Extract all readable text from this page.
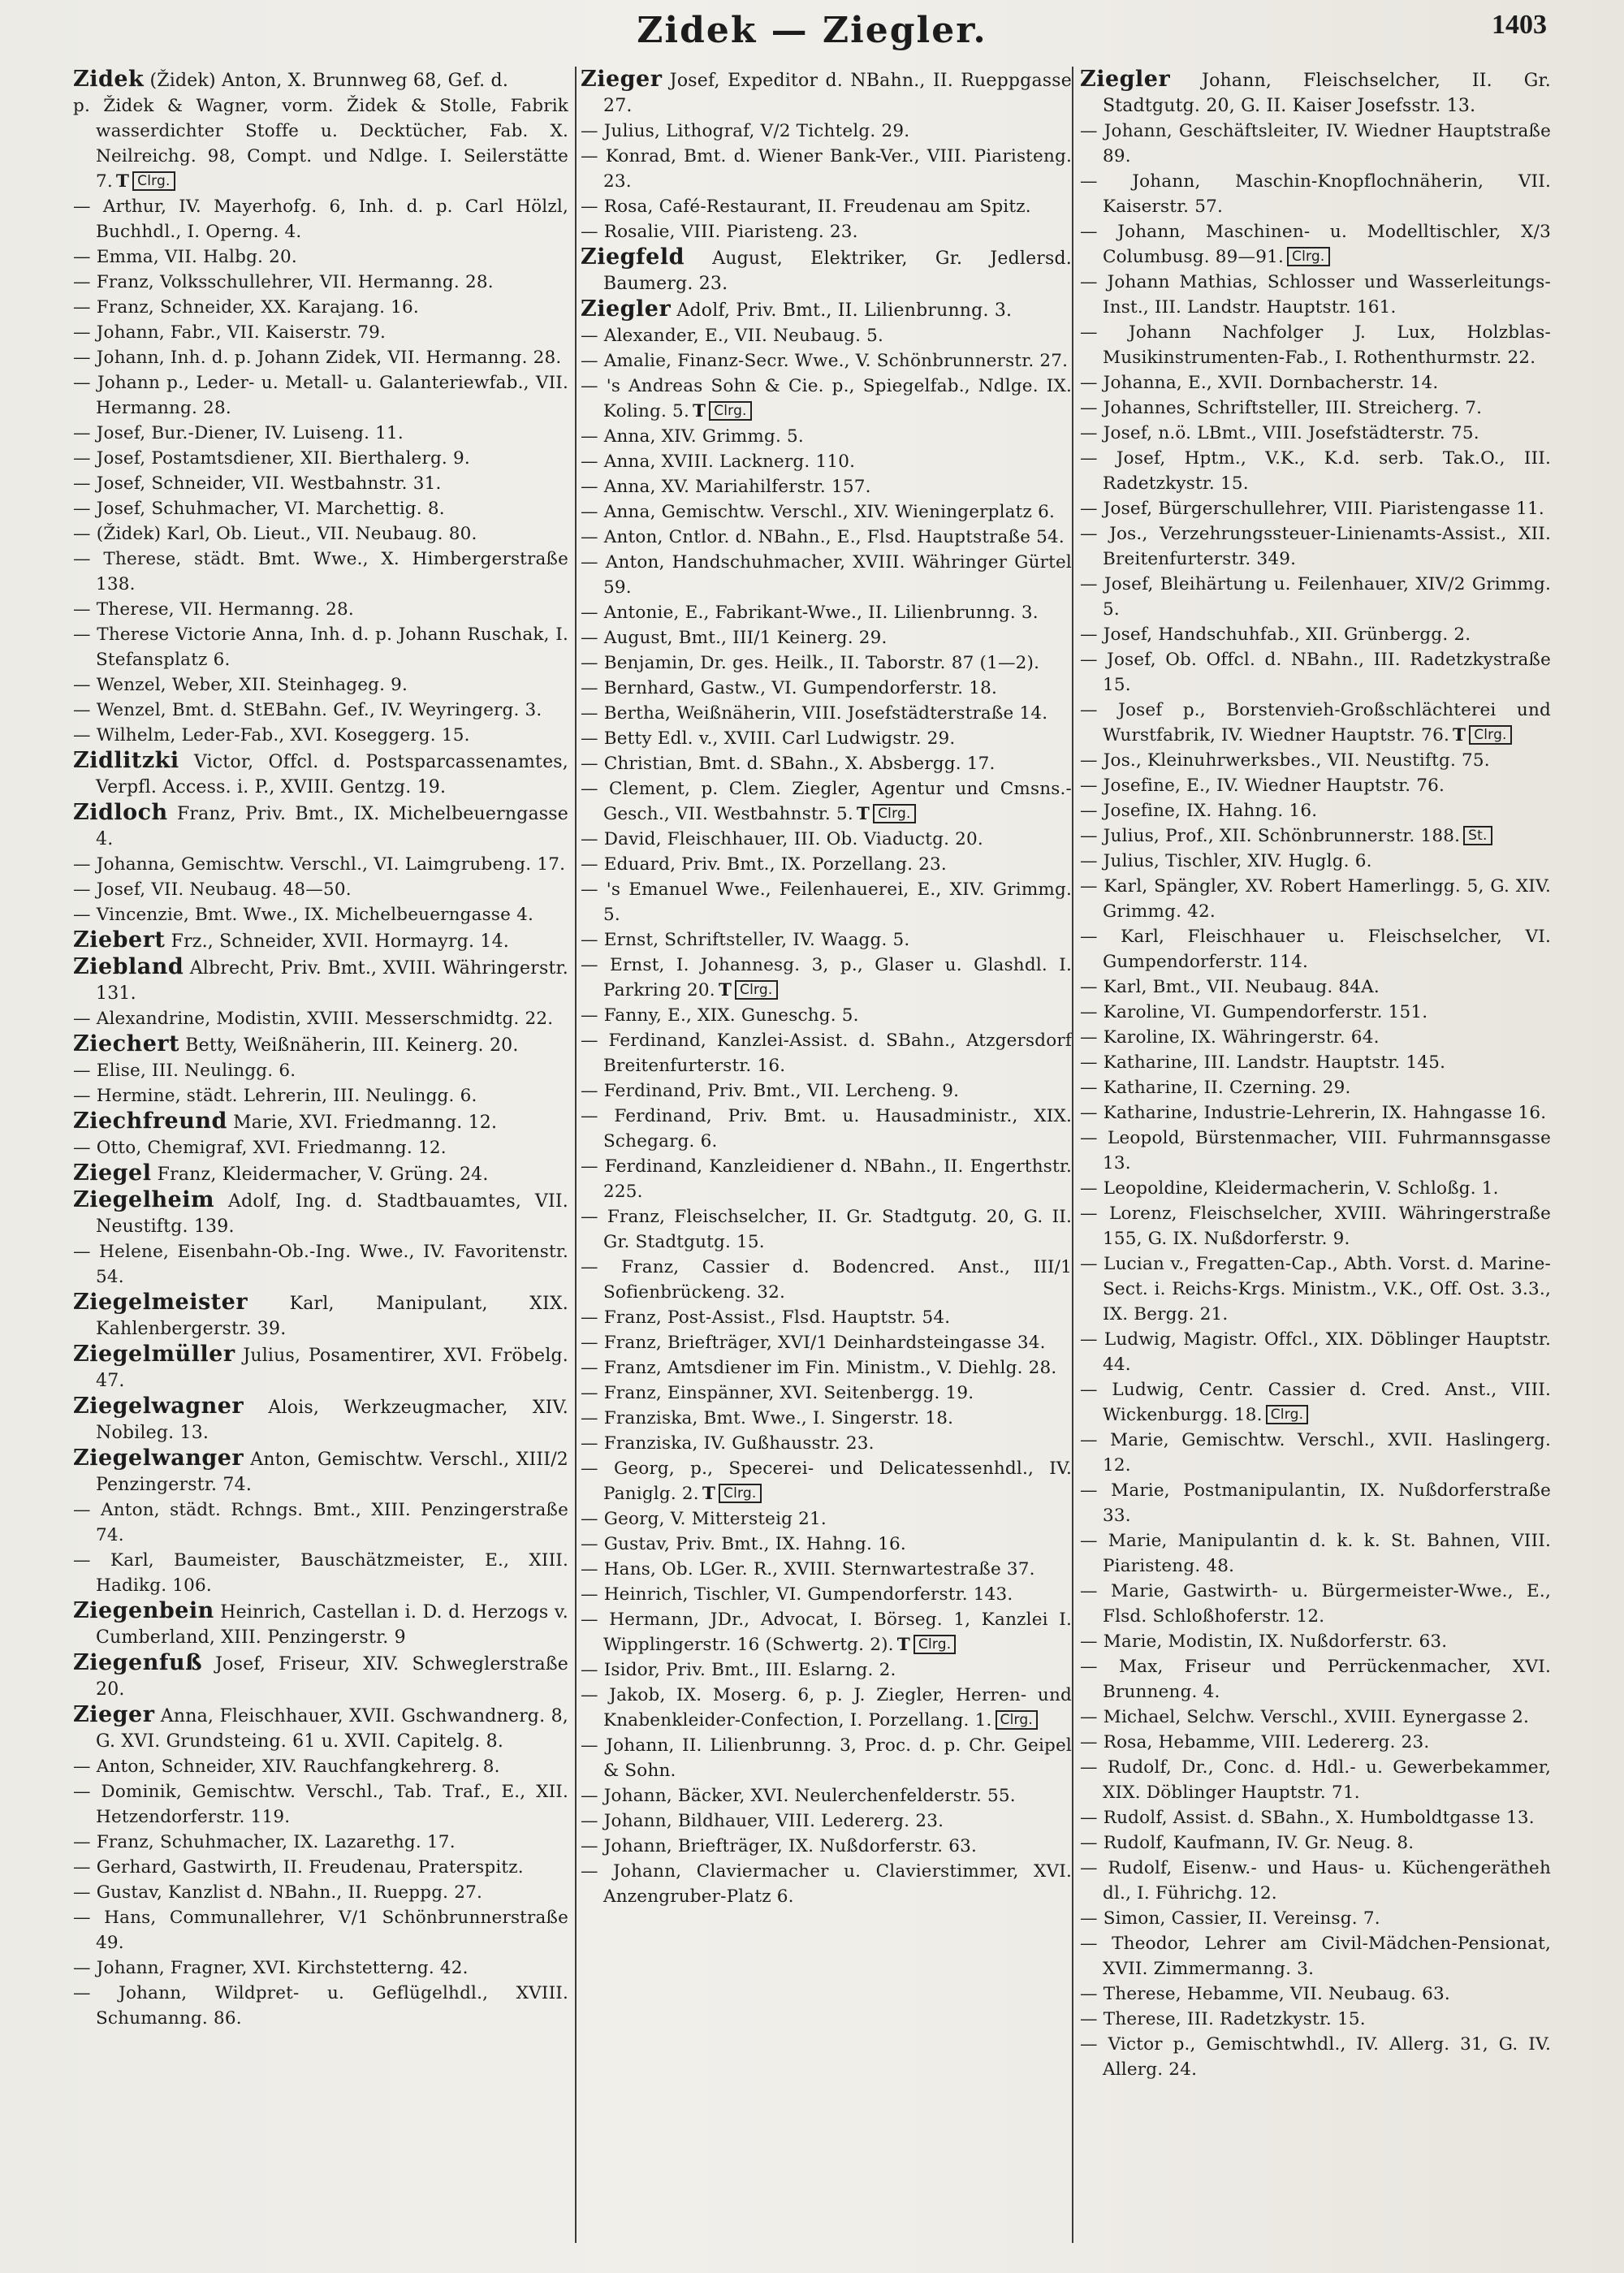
Zidek — Ziegler.	1403
Zidek (Židek) Anton, X. Brunnweg 68, Gef. d.
p. Židek & Wagner, vorm. Židek & Stolle, Fabrik wasserdichter Stoffe u. Decktücher, Fab. X. Neilreichg. 98, Compt. und Ndlge. I. Seilerstätte 7. T Clrg.
— Arthur, IV. Mayerhofg. 6, Inh. d. p. Carl Hölzl, Buchhdl., I. Operng. 4.
— Emma, VII. Halbg. 20.
— Franz, Volksschullehrer, VII. Hermanng. 28.
— Franz, Schneider, XX. Karajang. 16.
— Johann, Fabr., VII. Kaiserstr. 79.
— Johann, Inh. d. p. Johann Zidek, VII. Hermanng. 28.
— Johann p., Leder- u. Metall- u. Galanteriewfab., VII. Hermanng. 28.
— Josef, Bur.-Diener, IV. Luiseng. 11.
— Josef, Postamtsdiener, XII. Bierthalerg. 9.
— Josef, Schneider, VII. Westbahnstr. 31.
— Josef, Schuhmacher, VI. Marchettig. 8.
— (Židek) Karl, Ob. Lieut., VII. Neubaug. 80.
— Therese, städt. Bmt. Wwe., X. Himbergerstraße 138.
— Therese, VII. Hermanng. 28.
— Therese Victorie Anna, Inh. d. p. Johann Ruschak, I. Stefansplatz 6.
— Wenzel, Weber, XII. Steinhageg. 9.
— Wenzel, Bmt. d. StEBahn. Gef., IV. Weyringerg. 3.
— Wilhelm, Leder-Fab., XVI. Koseggerg. 15.
Zidlitzki Victor, Offcl. d. Postsparcassenamtes, Verpfl. Access. i. P., XVIII. Gentzg. 19.
Zidloch Franz, Priv. Bmt., IX. Michelbeuerngasse 4.
— Johanna, Gemischtw. Verschl., VI. Laimgrubeng. 17.
— Josef, VII. Neubaug. 48—50.
— Vincenzie, Bmt. Wwe., IX. Michelbeuerngasse 4.
Ziebert Frz., Schneider, XVII. Hormayrg. 14.
Ziebland Albrecht, Priv. Bmt., XVIII. Währingerstr. 131.
— Alexandrine, Modistin, XVIII. Messerschmidtg. 22.
Ziechert Betty, Weißnäherin, III. Keinerg. 20.
— Elise, III. Neulingg. 6.
— Hermine, städt. Lehrerin, III. Neulingg. 6.
Ziechfreund Marie, XVI. Friedmanng. 12.
— Otto, Chemigraf, XVI. Friedmanng. 12.
Ziegel Franz, Kleidermacher, V. Grüng. 24.
Ziegelheim Adolf, Ing. d. Stadtbauamtes, VII. Neustiftg. 139.
— Helene, Eisenbahn-Ob.-Ing. Wwe., IV. Favoritenstr. 54.
Ziegelmeister Karl, Manipulant, XIX. Kahlenbergerstr. 39.
Ziegelmüller Julius, Posamentirer, XVI. Fröbelg. 47.
Ziegelwagner Alois, Werkzeugmacher, XIV. Nobileg. 13.
Ziegelwanger Anton, Gemischtw. Verschl., XIII/2 Penzingerstr. 74.
— Anton, städt. Rchngs. Bmt., XIII. Penzingerstraße 74.
— Karl, Baumeister, Bauschätzmeister, E., XIII. Hadikg. 106.
Ziegenbein Heinrich, Castellan i. D. d. Herzogs v. Cumberland, XIII. Penzingerstr. 9
Ziegenfuß Josef, Friseur, XIV. Schweglerstraße 20.
Zieger Anna, Fleischhauer, XVII. Gschwandnerg. 8, G. XVI. Grundsteing. 61 u. XVII. Capitelg. 8.
— Anton, Schneider, XIV. Rauchfangkehrerg. 8.
— Dominik, Gemischtw. Verschl., Tab. Traf., E., XII. Hetzendorferstr. 119.
— Franz, Schuhmacher, IX. Lazarethg. 17.
— Gerhard, Gastwirth, II. Freudenau, Praterspitz.
— Gustav, Kanzlist d. NBahn., II. Rueppg. 27.
— Hans, Communallehrer, V/1 Schönbrunnerstraße 49.
— Johann, Fragner, XVI. Kirchstetterng. 42.
— Johann, Wildpret- u. Geflügelhdl., XVIII. Schumanng. 86.
Zieger Josef, Expeditor d. NBahn., II. Rueppgasse 27.
— Julius, Lithograf, V/2 Tichtelg. 29.
— Konrad, Bmt. d. Wiener Bank-Ver., VIII. Piaristeng. 23.
— Rosa, Café-Restaurant, II. Freudenau am Spitz.
— Rosalie, VIII. Piaristeng. 23.
Ziegfeld August, Elektriker, Gr. Jedlersd. Baumerg. 23.
Ziegler Adolf, Priv. Bmt., II. Lilienbrunng. 3.
— Alexander, E., VII. Neubaug. 5.
— Amalie, Finanz-Secr. Wwe., V. Schönbrunnerstr. 27.
— 's Andreas Sohn & Cie. p., Spiegelfab., Ndlge. IX. Koling. 5. T Clrg.
— Anna, XIV. Grimmg. 5.
— Anna, XVIII. Lacknerg. 110.
— Anna, XV. Mariahilferstr. 157.
— Anna, Gemischtw. Verschl., XIV. Wieningerplatz 6.
— Anton, Cntlor. d. NBahn., E., Flsd. Hauptstraße 54.
— Anton, Handschuhmacher, XVIII. Währinger Gürtel 59.
— Antonie, E., Fabrikant-Wwe., II. Lilienbrunng. 3.
— August, Bmt., III/1 Keinerg. 29.
— Benjamin, Dr. ges. Heilk., II. Taborstr. 87 (1—2).
— Bernhard, Gastw., VI. Gumpendorferstr. 18.
— Bertha, Weißnäherin, VIII. Josefstädterstraße 14.
— Betty Edl. v., XVIII. Carl Ludwigstr. 29.
— Christian, Bmt. d. SBahn., X. Absbergg. 17.
— Clement, p. Clem. Ziegler, Agentur und Cmsns.-Gesch., VII. Westbahnstr. 5. T Clrg.
— David, Fleischhauer, III. Ob. Viaductg. 20.
— Eduard, Priv. Bmt., IX. Porzellang. 23.
— 's Emanuel Wwe., Feilenhauerei, E., XIV. Grimmg. 5.
— Ernst, Schriftsteller, IV. Waagg. 5.
— Ernst, I. Johannesg. 3, p., Glaser u. Glashdl. I. Parkring 20. T Clrg.
— Fanny, E., XIX. Guneschg. 5.
— Ferdinand, Kanzlei-Assist. d. SBahn., Atzgersdorf Breitenfurterstr. 16.
— Ferdinand, Priv. Bmt., VII. Lercheng. 9.
— Ferdinand, Priv. Bmt. u. Hausadministr., XIX. Schegarg. 6.
— Ferdinand, Kanzleidiener d. NBahn., II. Engerthstr. 225.
— Franz, Fleischselcher, II. Gr. Stadtgutg. 20, G. II. Gr. Stadtgutg. 15.
— Franz, Cassier d. Bodencred. Anst., III/1 Sofienbrückeng. 32.
— Franz, Post-Assist., Flsd. Hauptstr. 54.
— Franz, Briefträger, XVI/1 Deinhardsteingasse 34.
— Franz, Amtsdiener im Fin. Ministm., V. Diehlg. 28.
— Franz, Einspänner, XVI. Seitenbergg. 19.
— Franziska, Bmt. Wwe., I. Singerstr. 18.
— Franziska, IV. Gußhausstr. 23.
— Georg, p., Specerei- und Delicatessenhdl., IV. Paniglg. 2. T Clrg.
— Georg, V. Mittersteig 21.
— Gustav, Priv. Bmt., IX. Hahng. 16.
— Hans, Ob. LGer. R., XVIII. Sternwartestraße 37.
— Heinrich, Tischler, VI. Gumpendorferstr. 143.
— Hermann, JDr., Advocat, I. Börseg. 1, Kanzlei I. Wipplingerstr. 16 (Schwertg. 2). T Clrg.
— Isidor, Priv. Bmt., III. Eslarng. 2.
— Jakob, IX. Moserg. 6, p. J. Ziegler, Herren- und Knabenkleider-Confection, I. Porzellang. 1. Clrg.
— Johann, II. Lilienbrunng. 3, Proc. d. p. Chr. Geipel & Sohn.
— Johann, Bäcker, XVI. Neulerchenfelderstr. 55.
— Johann, Bildhauer, VIII. Ledererg. 23.
— Johann, Briefträger, IX. Nußdorferstr. 63.
— Johann, Claviermacher u. Clavierstimmer, XVI. Anzengruber-Platz 6.
Ziegler Johann, Fleischselcher, II. Gr. Stadtgutg. 20, G. II. Kaiser Josefsstr. 13.
— Johann, Geschäftsleiter, IV. Wiedner Hauptstraße 89.
— Johann, Maschin-Knopflochnäherin, VII. Kaiserstr. 57.
— Johann, Maschinen- u. Modelltischler, X/3 Columbusg. 89—91. Clrg.
— Johann Mathias, Schlosser und Wasserleitungs-Inst., III. Landstr. Hauptstr. 161.
— Johann Nachfolger J. Lux, Holzblas-Musikinstrumenten-Fab., I. Rothenthurmstr. 22.
— Johanna, E., XVII. Dornbacherstr. 14.
— Johannes, Schriftsteller, III. Streicherg. 7.
— Josef, n.ö. LBmt., VIII. Josefstädterstr. 75.
— Josef, Hptm., V.K., K.d. serb. Tak.O., III. Radetzkystr. 15.
— Josef, Bürgerschullehrer, VIII. Piaristengasse 11.
— Jos., Verzehrungssteuer-Linienamts-Assist., XII. Breitenfurterstr. 349.
— Josef, Bleihärtung u. Feilenhauer, XIV/2 Grimmg. 5.
— Josef, Handschuhfab., XII. Grünbergg. 2.
— Josef, Ob. Offcl. d. NBahn., III. Radetzkystraße 15.
— Josef p., Borstenvieh-Großschlächterei und Wurstfabrik, IV. Wiedner Hauptstr. 76. T Clrg.
— Jos., Kleinuhrwerksbes., VII. Neustiftg. 75.
— Josefine, E., IV. Wiedner Hauptstr. 76.
— Josefine, IX. Hahng. 16.
— Julius, Prof., XII. Schönbrunnerstr. 188. St.
— Julius, Tischler, XIV. Huglg. 6.
— Karl, Spängler, XV. Robert Hamerlingg. 5, G. XIV. Grimmg. 42.
— Karl, Fleischhauer u. Fleischselcher, VI. Gumpendorferstr. 114.
— Karl, Bmt., VII. Neubaug. 84A.
— Karoline, VI. Gumpendorferstr. 151.
— Karoline, IX. Währingerstr. 64.
— Katharine, III. Landstr. Hauptstr. 145.
— Katharine, II. Czerning. 29.
— Katharine, Industrie-Lehrerin, IX. Hahngasse 16.
— Leopold, Bürstenmacher, VIII. Fuhrmannsgasse 13.
— Leopoldine, Kleidermacherin, V. Schloßg. 1.
— Lorenz, Fleischselcher, XVIII. Währingerstraße 155, G. IX. Nußdorferstr. 9.
— Lucian v., Fregatten-Cap., Abth. Vorst. d. Marine-Sect. i. Reichs-Krgs. Ministm., V.K., Off. Ost. 3.3., IX. Bergg. 21.
— Ludwig, Magistr. Offcl., XIX. Döblinger Hauptstr. 44.
— Ludwig, Centr. Cassier d. Cred. Anst., VIII. Wickenburgg. 18. Clrg.
— Marie, Gemischtw. Verschl., XVII. Haslingerg. 12.
— Marie, Postmanipulantin, IX. Nußdorferstraße 33.
— Marie, Manipulantin d. k. k. St. Bahnen, VIII. Piaristeng. 48.
— Marie, Gastwirth- u. Bürgermeister-Wwe., E., Flsd. Schloßhoferstr. 12.
— Marie, Modistin, IX. Nußdorferstr. 63.
— Max, Friseur und Perrückenmacher, XVI. Brunneng. 4.
— Michael, Selchw. Verschl., XVIII. Eynergasse 2.
— Rosa, Hebamme, VIII. Ledererg. 23.
— Rudolf, Dr., Conc. d. Hdl.- u. Gewerbekammer, XIX. Döblinger Hauptstr. 71.
— Rudolf, Assist. d. SBahn., X. Humboldtgasse 13.
— Rudolf, Kaufmann, IV. Gr. Neug. 8.
— Rudolf, Eisenw.- und Haus- u. Küchengerätheh dl., I. Führichg. 12.
— Simon, Cassier, II. Vereinsg. 7.
— Theodor, Lehrer am Civil-Mädchen-Pensionat, XVII. Zimmermanng. 3.
— Therese, Hebamme, VII. Neubaug. 63.
— Therese, III. Radetzkystr. 15.
— Victor p., Gemischtwhdl., IV. Allerg. 31, G. IV. Allerg. 24.
